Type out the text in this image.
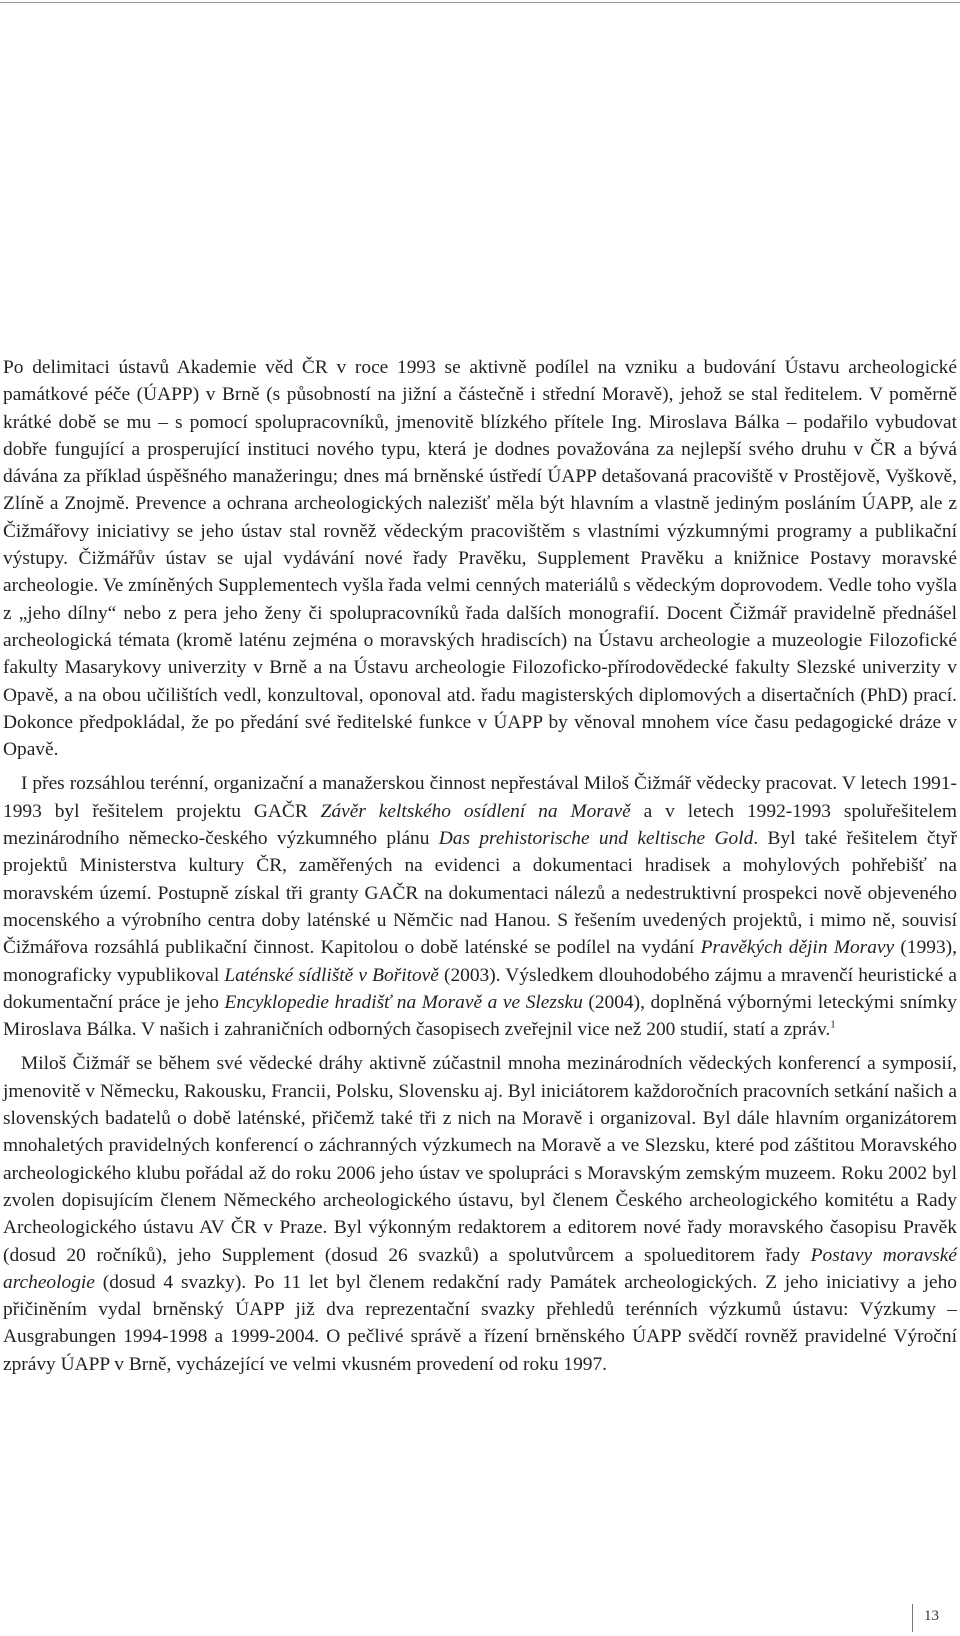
Po delimitaci ústavů Akademie věd ČR v roce 1993 se aktivně podílel na vzniku a budování Ústavu archeologické památkové péče (ÚAPP) v Brně (s působností na jižní a částečně i střední Moravě), jehož se stal ředitelem. V poměrně krátké době se mu – s pomocí spolupracovníků, jmenovitě blízkého přítele Ing. Miroslava Bálka – podařilo vybudovat dobře fungující a prosperující instituci nového typu, která je dodnes považována za nejlepší svého druhu v ČR a bývá dávána za příklad úspěšného manažeringu; dnes má brněnské ústředí ÚAPP detašovaná pracoviště v Prostějově, Vyškově, Zlíně a Znojmě. Prevence a ochrana archeologických nalezišť měla být hlavním a vlastně jediným posláním ÚAPP, ale z Čižmářovy iniciativy se jeho ústav stal rovněž vědeckým pracovištěm s vlastními výzkumnými programy a publikační výstupy. Čižmářův ústav se ujal vydávání nové řady Pravěku, Supplement Pravěku a knižnice Postavy moravské archeologie. Ve zmíněných Supplementech vyšla řada velmi cenných materiálů s vědeckým doprovodem. Vedle toho vyšla z „jeho dílny“ nebo z pera jeho ženy či spolupracovníků řada dalších monografií. Docent Čižmář pravidelně přednášel archeologická témata (kromě laténu zejména o moravských hradiscích) na Ústavu archeologie a muzeologie Filozofické fakulty Masarykovy univerzity v Brně a na Ústavu archeologie Filozoficko-přírodovědecké fakulty Slezské univerzity v Opavě, a na obou učilištích vedl, konzultoval, oponoval atd. řadu magisterských diplomových a disertačních (PhD) prací. Dokonce předpokládal, že po předání své ředitelské funkce v ÚAPP by věnoval mnohem více času pedagogické dráze v Opavě.

I přes rozsáhlou terénní, organizační a manažerskou činnost nepřestával Miloš Čižmář vědecky pracovat. V letech 1991-1993 byl řešitelem projektu GAČR Závěr keltského osídlení na Moravě a v letech 1992-1993 spoluřešitelem mezinárodního německo-českého výzkumného plánu Das prehistorische und keltische Gold. Byl také řešitelem čtyř projektů Ministerstva kultury ČR, zaměřených na evidenci a dokumentaci hradisek a mohylových pohřebišť na moravském území. Postupně získal tři granty GAČR na dokumentaci nálezů a nedestruktivní prospekci nově objeveného mocenského a výrobního centra doby laténské u Němčic nad Hanou. S řešením uvedených projektů, i mimo ně, souvisí Čižmářova rozsáhlá publikační činnost. Kapitolou o době laténské se podílel na vydání Pravěkých dějin Moravy (1993), monograficky vypublikoval Laténské sídliště v Bořitově (2003). Výsledkem dlouhodobého zájmu a mravenčí heuristické a dokumentační práce je jeho Encyklopedie hradišť na Moravě a ve Slezsku (2004), doplněná výbornými leteckými snímky Miroslava Bálka. V našich i zahraničních odborných časopisech zveřejnil vice než 200 studií, statí a zpráv.$^1$

Miloš Čižmář se během své vědecké dráhy aktivně zúčastnil mnoha mezinárodních vědeckých konferencí a symposií, jmenovitě v Německu, Rakousku, Francii, Polsku, Slovensku aj. Byl iniciátorem každoročních pracovních setkání našich a slovenských badatelů o době laténské, přičemž také tři z nich na Moravě i organizoval. Byl dále hlavním organizátorem mnohaletých pravidelných konferencí o záchranných výzkumech na Moravě a ve Slezsku, které pod záštitou Moravského archeologického klubu pořádal až do roku 2006 jeho ústav ve spolupráci s Moravským zemským muzeem. Roku 2002 byl zvolen dopisujícím členem Německého archeologického ústavu, byl členem Českého archeologického komitétu a Rady Archeologického ústavu AV ČR v Praze. Byl výkonným redaktorem a editorem nové řady moravského časopisu Pravěk (dosud 20 ročníků), jeho Supplement (dosud 26 svazků) a spolutvůrcem a spolueditorem řady Postavy moravské archeologie (dosud 4 svazky). Po 11 let byl členem redakční rady Památek archeologických. Z jeho iniciativy a jeho přičiněním vydal brněnský ÚAPP již dva reprezentační svazky přehledů terénních výzkumů ústavu: Výzkumy – Ausgrabungen 1994-1998 a 1999-2004. O pečlivé správě a řízení brněnského ÚAPP svědčí rovněž pravidelné Výroční zprávy ÚAPP v Brně, vycházející ve velmi vkusném provedení od roku 1997.

13
